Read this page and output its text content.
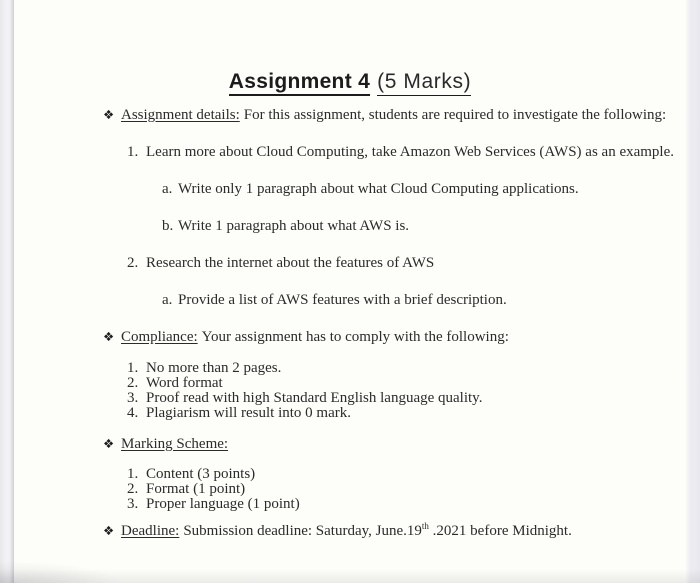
Assignment 4 (5 Marks)
❖ Assignment details: For this assignment, students are required to investigate the following:
1. Learn more about Cloud Computing, take Amazon Web Services (AWS) as an example.
a. Write only 1 paragraph about what Cloud Computing applications.
b. Write 1 paragraph about what AWS is.
2. Research the internet about the features of AWS
a. Provide a list of AWS features with a brief description.
❖ Compliance: Your assignment has to comply with the following:
1. No more than 2 pages.
2. Word format
3. Proof read with high Standard English language quality.
4. Plagiarism will result into 0 mark.
❖ Marking Scheme:
1. Content (3 points)
2. Format (1 point)
3. Proper language (1 point)
❖ Deadline: Submission deadline: Saturday, June.19th .2021 before Midnight.
